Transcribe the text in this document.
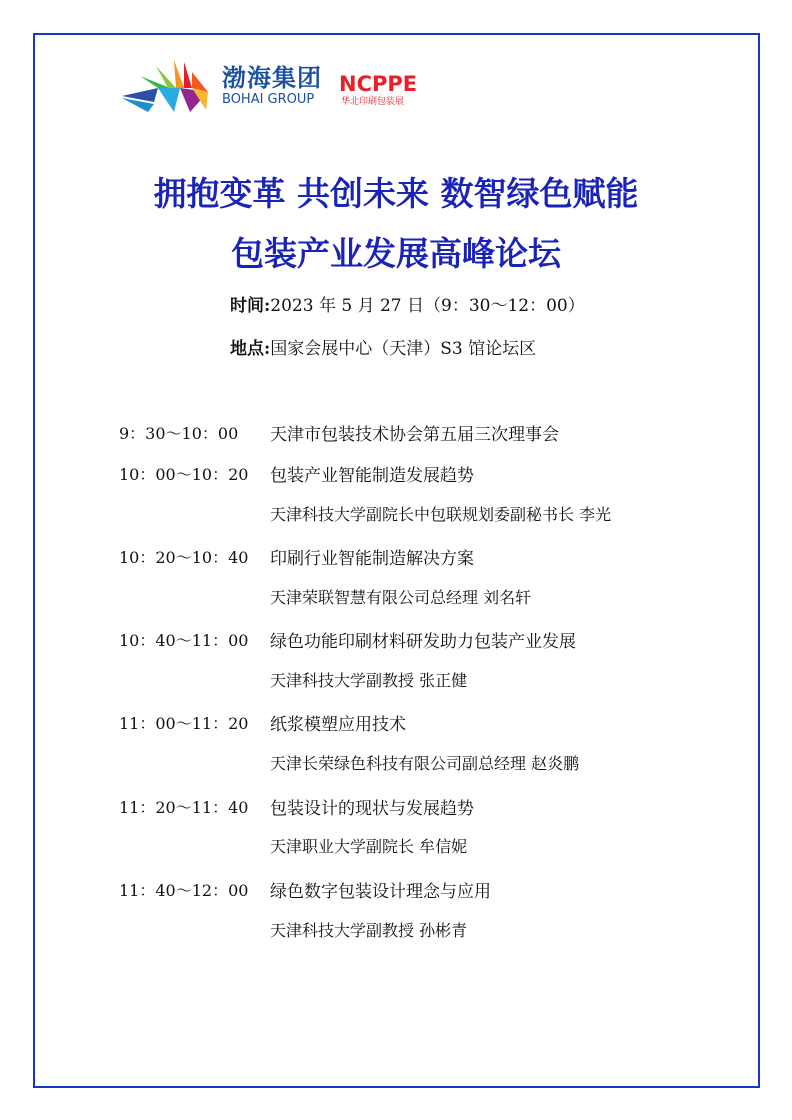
渤海集团
BOHAI GROUP
NCPPE
华北印刷包装展
拥抱变革 共创未来 数智绿色赋能
包装产业发展高峰论坛
时间:2023 年 5 月 27 日（9：30～12：00）
地点:国家会展中心（天津）S3 馆论坛区
9：30～10：00 天津市包装技术协会第五届三次理事会
10：00～10：20 包装产业智能制造发展趋势
天津科技大学副院长中包联规划委副秘书长 李光
10：20～10：40 印刷行业智能制造解决方案
天津荣联智慧有限公司总经理 刘名轩
10：40～11：00 绿色功能印刷材料研发助力包装产业发展
天津科技大学副教授 张正健
11：00～11：20 纸浆模塑应用技术
天津长荣绿色科技有限公司副总经理 赵炎鹏
11：20～11：40 包装设计的现状与发展趋势
天津职业大学副院长 牟信妮
11：40～12：00 绿色数字包装设计理念与应用
天津科技大学副教授 孙彬青
